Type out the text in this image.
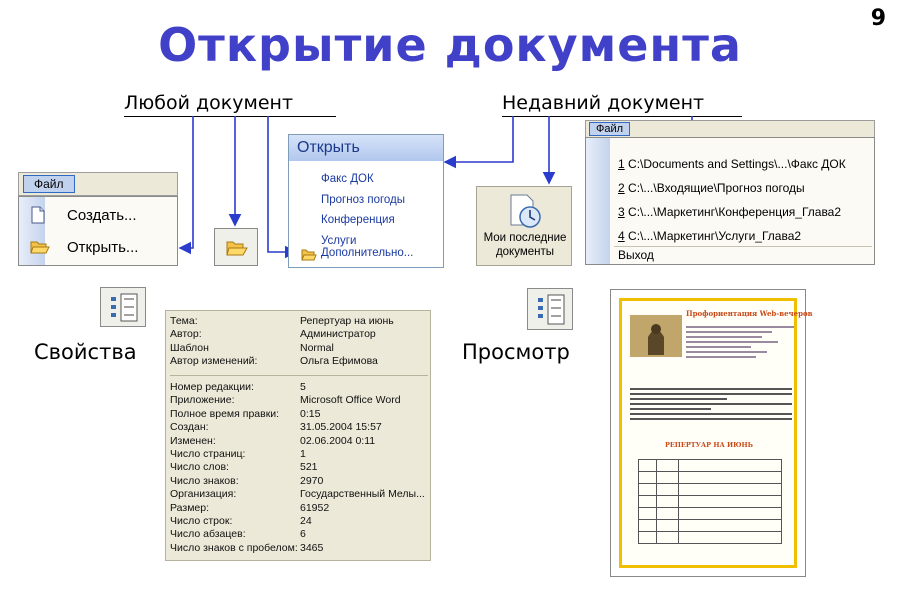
Открытие документа	9
Любой документ	Недавний документ
Файл
Создать...
Открыть...
Открыть
Факс ДОК
Прогноз погоды
Конференция
Услуги
Дополнительно...
Мои последние
документы
Файл
1 C:\Documents and Settings\...\Факс ДОК
2 C:\...\Входящие\Прогноз погоды
3 C:\...\Маркетинг\Конференция_Глава2
4 C:\...\Маркетинг\Услуги_Глава2
Выход
Свойства
Тема:	Репертуар на июнь
Автор:	Администратор
Шаблон	Normal
Автор изменений:	Ольга Ефимова
Номер редакции:	5
Приложение:	Microsoft Office Word
Полное время правки: 0:15
Создан:	31.05.2004 15:57
Изменен:	02.06.2004 0:11
Число страниц:	1
Число слов:	521
Число знаков:	2970
Организация:	Государственный Мелы...
Размер:	61952
Число строк:	24
Число абзацев:	6
Число знаков с пробелом: 3465
Просмотр
Профориентация Web-вечеров
РЕПЕРТУАР НА ИЮНЬ
